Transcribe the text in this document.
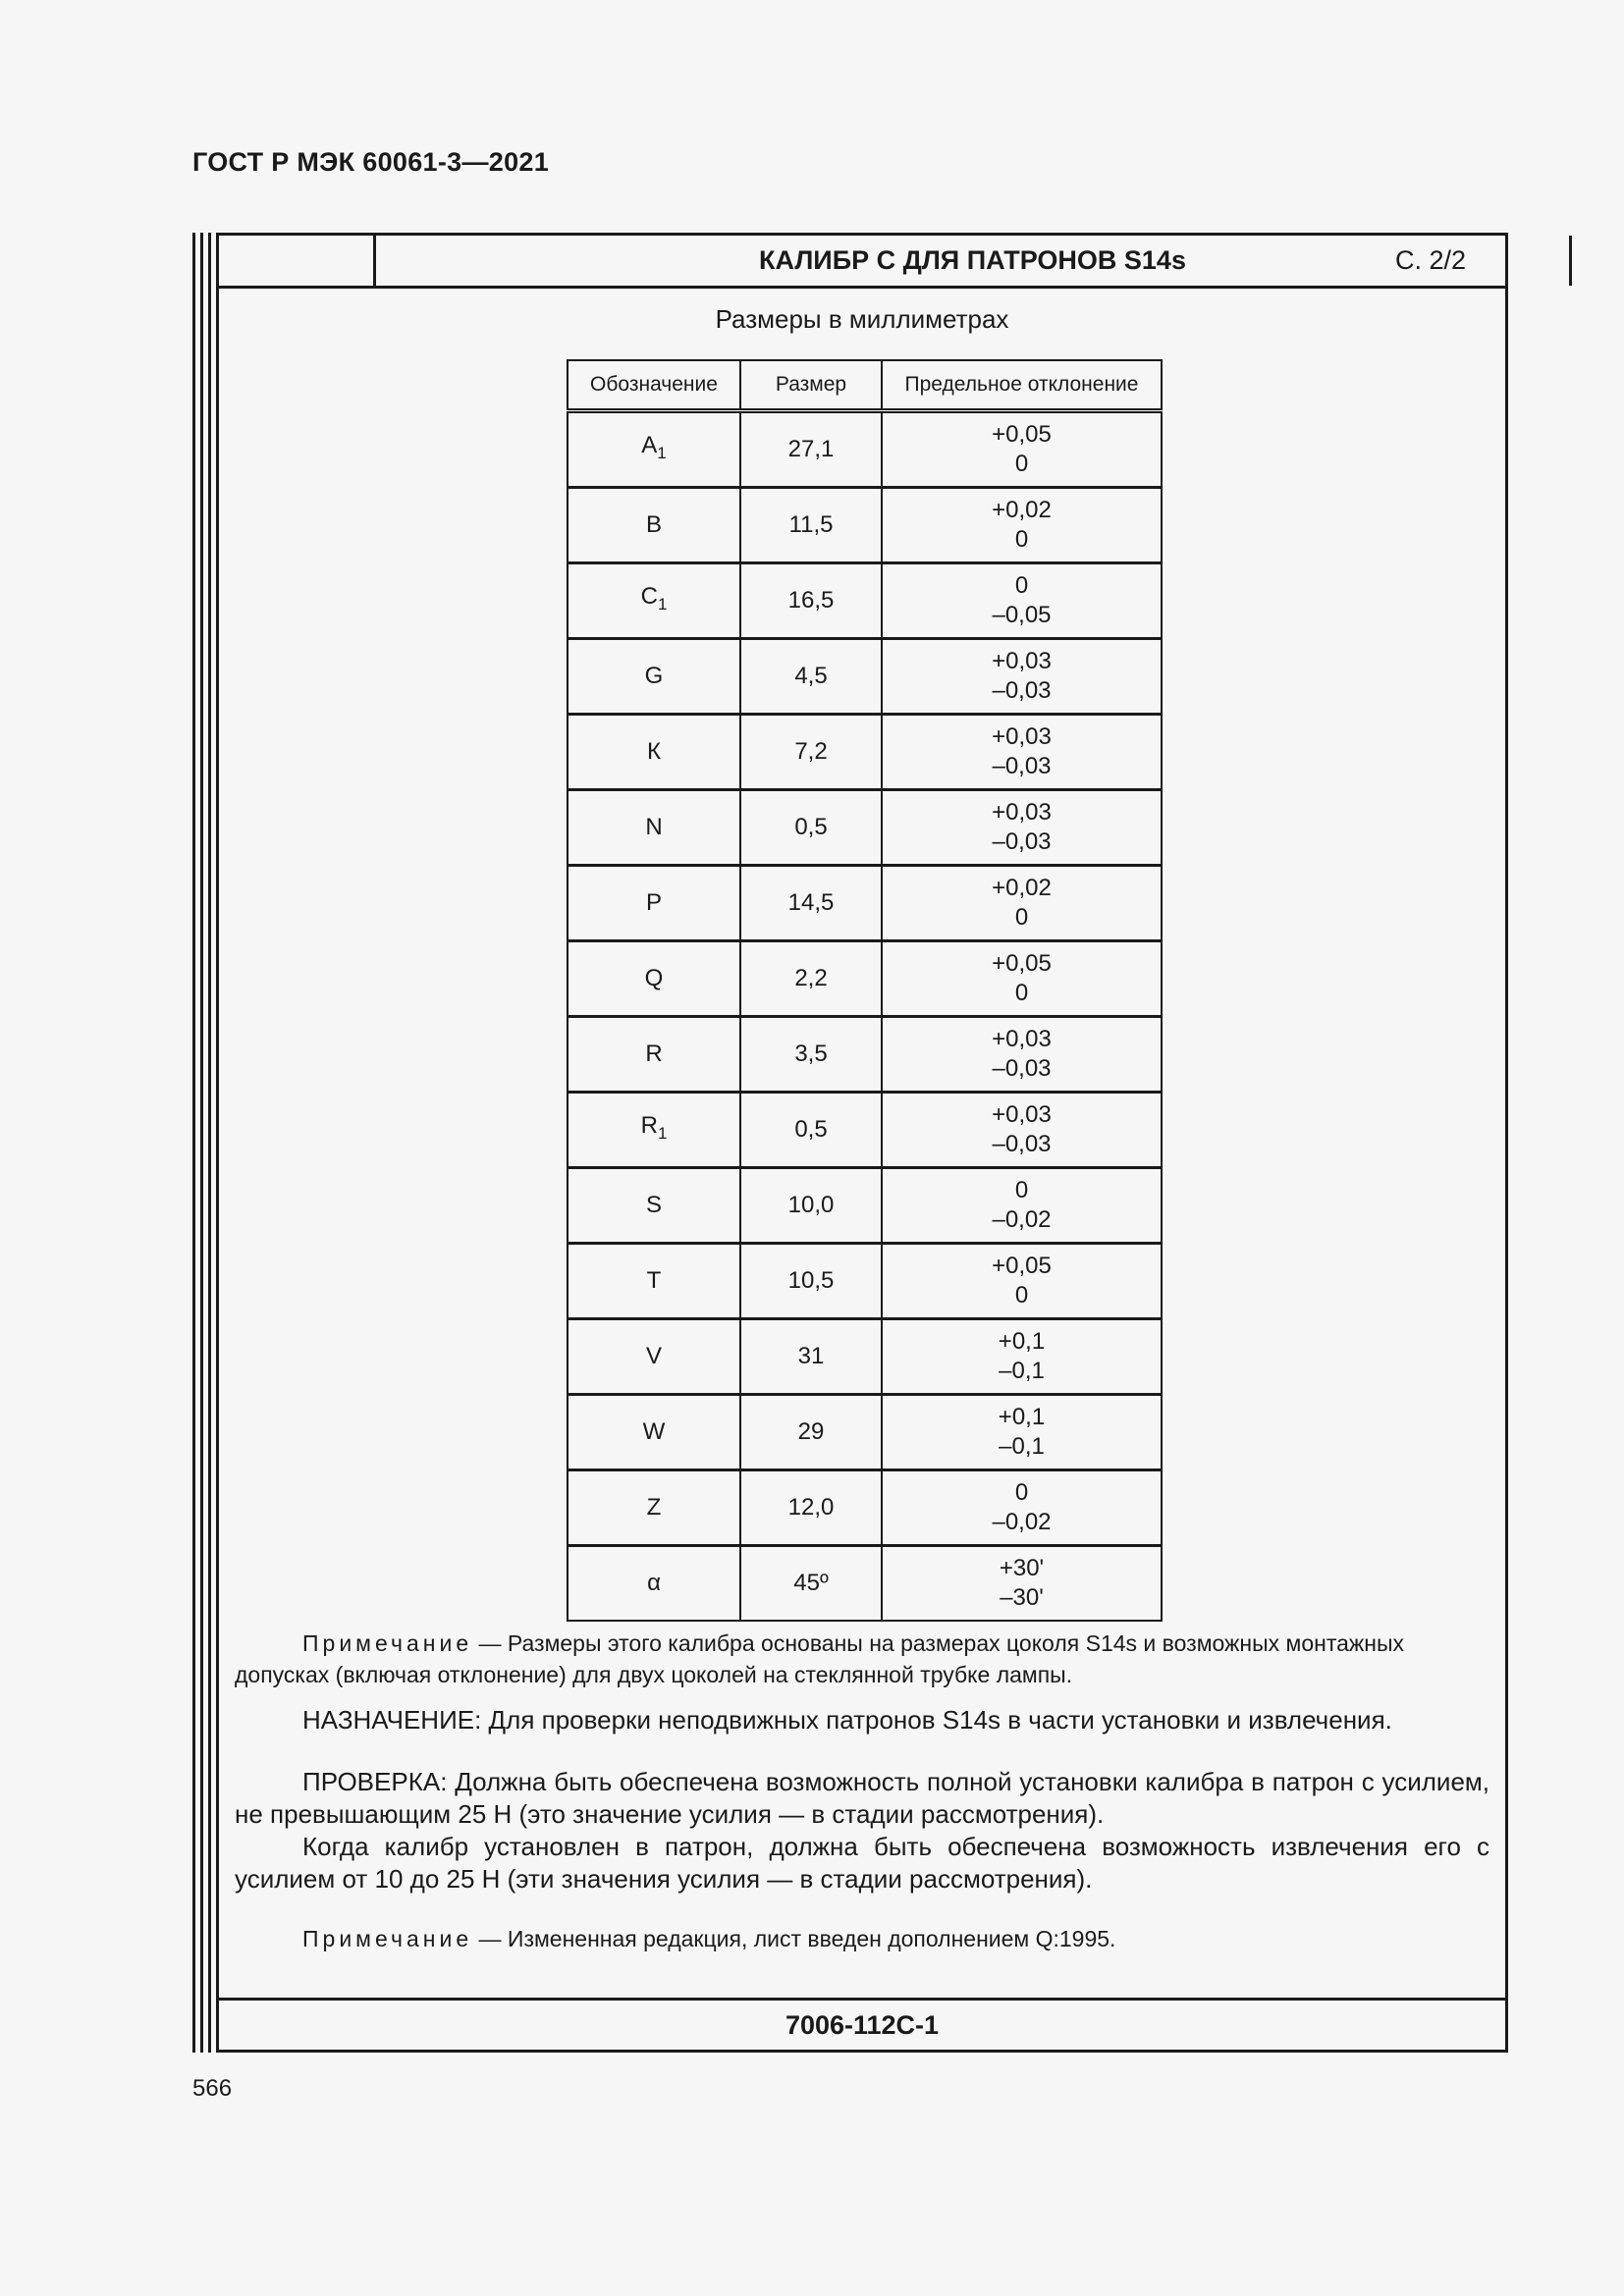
ГОСТ Р МЭК 60061-3—2021
КАЛИБР С ДЛЯ ПАТРОНОВ S14s	С. 2/2
Размеры в миллиметрах
Обозначение	Размер	Предельное отклонение
$A_1$	27,1	+0,05
0

B	11,5	+0,02
0

$C_1$	16,5	0
–0,05

G	4,5	+0,03
–0,03

К	7,2	+0,03
–0,03

N	0,5	+0,03
–0,03

P	14,5	+0,02
0

Q	2,2	+0,05
0

R	3,5	+0,03
–0,03

$R_1$	0,5	+0,03
–0,03

S	10,0	0
–0,02

T	10,5	+0,05
0

V	31	+0,1
–0,1

W	29	+0,1
–0,1

Z	12,0	0
–0,02

α	45º	+30'
–30'

Примечание — Размеры этого калибра основаны на размерах цоколя S14s и возможных монтажных допусках (включая отклонение) для двух цоколей на стеклянной трубке лампы.

НАЗНАЧЕНИЕ: Для проверки неподвижных патронов S14s в части установки и извлечения.

ПРОВЕРКА: Должна быть обеспечена возможность полной установки калибра в патрон с усилием, не превышающим 25 Н (это значение усилия — в стадии рассмотрения).

Когда калибр установлен в патрон, должна быть обеспечена возможность извлечения его с усилием от 10 до 25 Н (эти значения усилия — в стадии рассмотрения).

Примечание — Измененная редакция, лист введен дополнением Q:1995.

7006-112С-1
566
